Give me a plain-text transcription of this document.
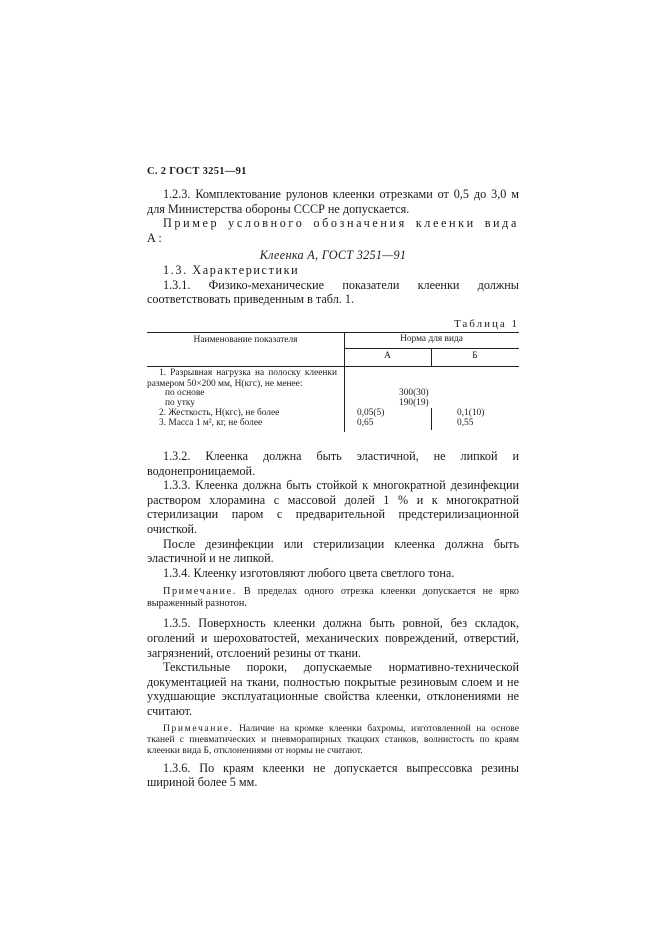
С. 2 ГОСТ 3251—91

1.2.3. Комплектование рулонов клеенки отрезками от 0,5 до 3,0 м для Министерства обороны СССР не допускается.

Пример условного обозначения клеенки вида А:

Клеенка А, ГОСТ 3251—91

1.3. Характеристики

1.3.1. Физико-механические показатели клеенки должны соответствовать приведенным в табл. 1.

Таблица 1
Наименование показателя	Норма для вида
А	Б
1. Разрывная нагрузка на полоску клеенки размером 50×200 мм, Н(кгс), не менее:
по основе	300(30)
по утку	190(19)
2. Жесткость, Н(кгс), не более	0,05(5)	0,1(10)
3. Масса 1 м², кг, не более	0,65	0,55

1.3.2. Клеенка должна быть эластичной, не липкой и водонепроницаемой.

1.3.3. Клеенка должна быть стойкой к многократной дезинфекции раствором хлорамина с массовой долей 1 % и к многократной стерилизации паром с предварительной предстерилизационной очисткой.

После дезинфекции или стерилизации клеенка должна быть эластичной и не липкой.

1.3.4. Клеенку изготовляют любого цвета светлого тона.

Примечание. В пределах одного отрезка клеенки допускается не ярко выраженный разнотон.

1.3.5. Поверхность клеенки должна быть ровной, без складок, оголений и шероховатостей, механических повреждений, отверстий, загрязнений, отслоений резины от ткани.

Текстильные пороки, допускаемые нормативно-технической документацией на ткани, полностью покрытые резиновым слоем и не ухудшающие эксплуатационные свойства клеенки, отклонениями не считают.

Примечание. Наличие на кромке клеенки бахромы, изготовленной на основе тканей с пневматических и пневморапирных ткацких станков, волнистость по краям клеенки вида Б, отклонениями от нормы не считают.

1.3.6. По краям клеенки не допускается выпрессовка резины шириной более 5 мм.
